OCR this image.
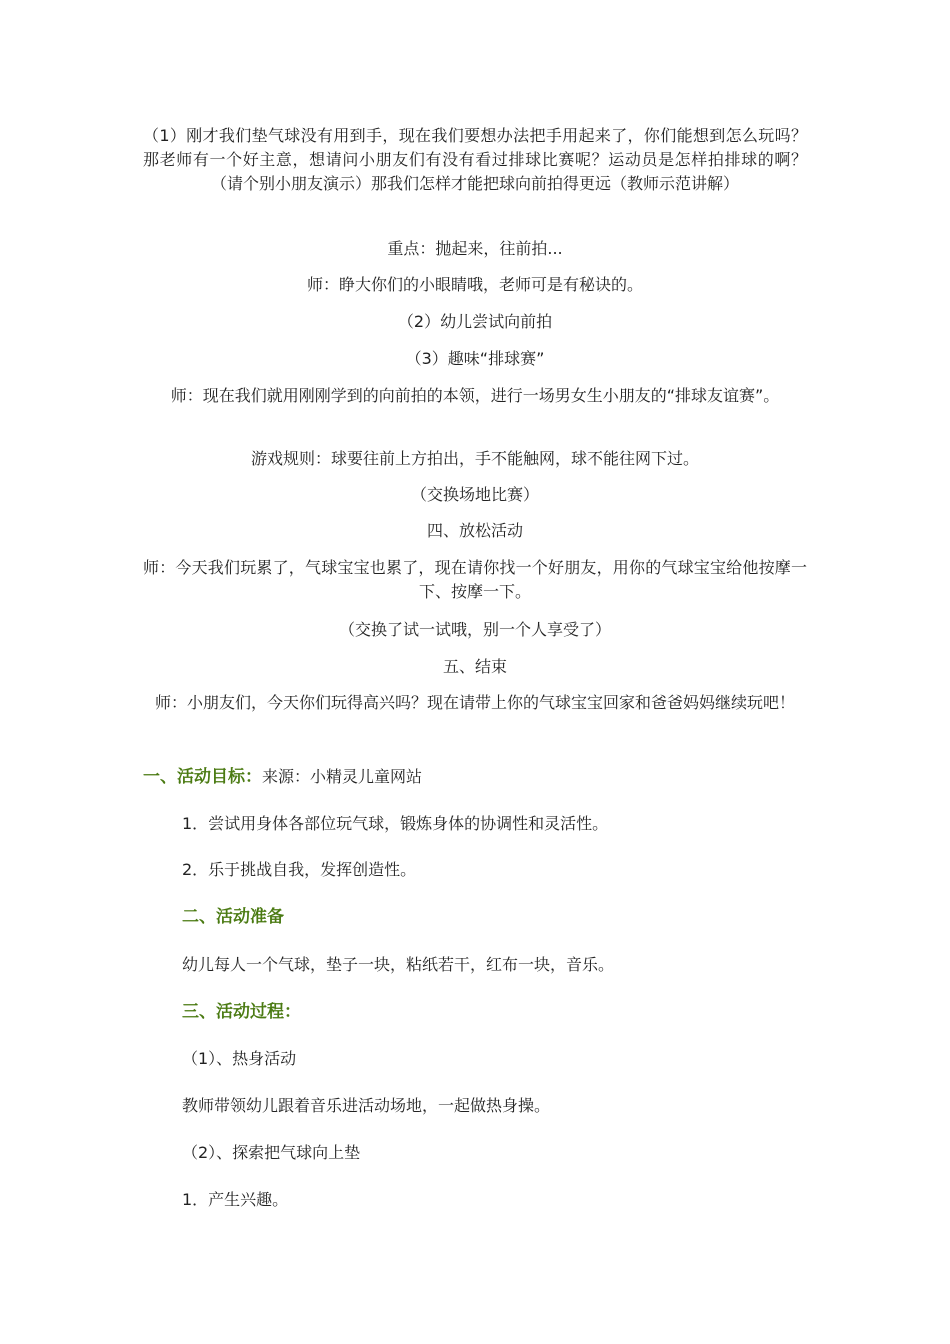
（1）刚才我们垫气球没有用到手，现在我们要想办法把手用起来了，你们能想到怎么玩吗？那老师有一个好主意，想请问小朋友们有没有看过排球比赛呢？运动员是怎样拍排球的啊？（请个别小朋友演示）那我们怎样才能把球向前拍得更远（教师示范讲解）

重点：抛起来，往前拍...

师：睁大你们的小眼睛哦，老师可是有秘诀的。

（2）幼儿尝试向前拍

（3）趣味“排球赛”

师：现在我们就用刚刚学到的向前拍的本领，进行一场男女生小朋友的“排球友谊赛”。

游戏规则：球要往前上方拍出，手不能触网，球不能往网下过。

（交换场地比赛）

四、放松活动

师：今天我们玩累了，气球宝宝也累了，现在请你找一个好朋友，用你的气球宝宝给他按摩一下、按摩一下。

（交换了试一试哦，别一个人享受了）

五、结束

师：小朋友们，今天你们玩得高兴吗？现在请带上你的气球宝宝回家和爸爸妈妈继续玩吧！

一、活动目标：来源：小精灵儿童网站

1．尝试用身体各部位玩气球，锻炼身体的协调性和灵活性。

2．乐于挑战自我，发挥创造性。

二、活动准备

幼儿每人一个气球，垫子一块，粘纸若干，红布一块，音乐。

三、活动过程：

（1）、热身活动

教师带领幼儿跟着音乐进活动场地，一起做热身操。

（2）、探索把气球向上垫

1．产生兴趣。
